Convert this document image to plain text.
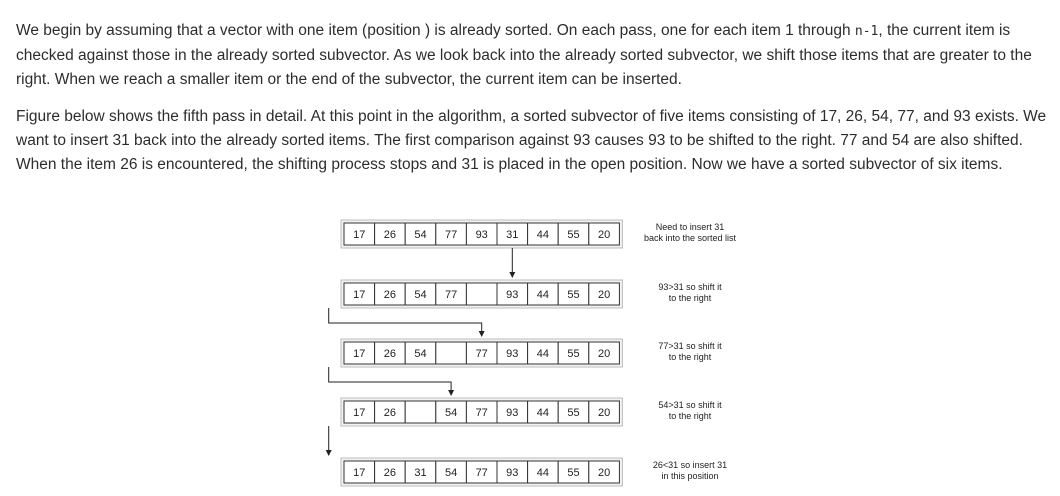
We begin by assuming that a vector with one item (position ) is already sorted. On each pass, one for each item 1 through n-1, the current item is checked against those in the already sorted subvector. As we look back into the already sorted subvector, we shift those items that are greater to the right. When we reach a smaller item or the end of the subvector, the current item can be inserted.

Figure below shows the fifth pass in detail. At this point in the algorithm, a sorted subvector of five items consisting of 17, 26, 54, 77, and 93 exists. We want to insert 31 back into the already sorted items. The first comparison against 93 causes 93 to be shifted to the right. 77 and 54 are also shifted. When the item 26 is encountered, the shifting process stops and 31 is placed in the open position. Now we have a sorted subvector of six items.

17 26 54 77 93 31 44 55 20
Need to insert 31
back into the sorted list
17 26 54 77	93 44 55 20
93>31 so shift it
to the right
17 26 54	77 93 44 55 20
77>31 so shift it
to the right
17 26	54 77 93 44 55 20
54>31 so shift it
to the right
17 26 31 54 77 93 44 55 20
26<31 so insert 31
in this position
